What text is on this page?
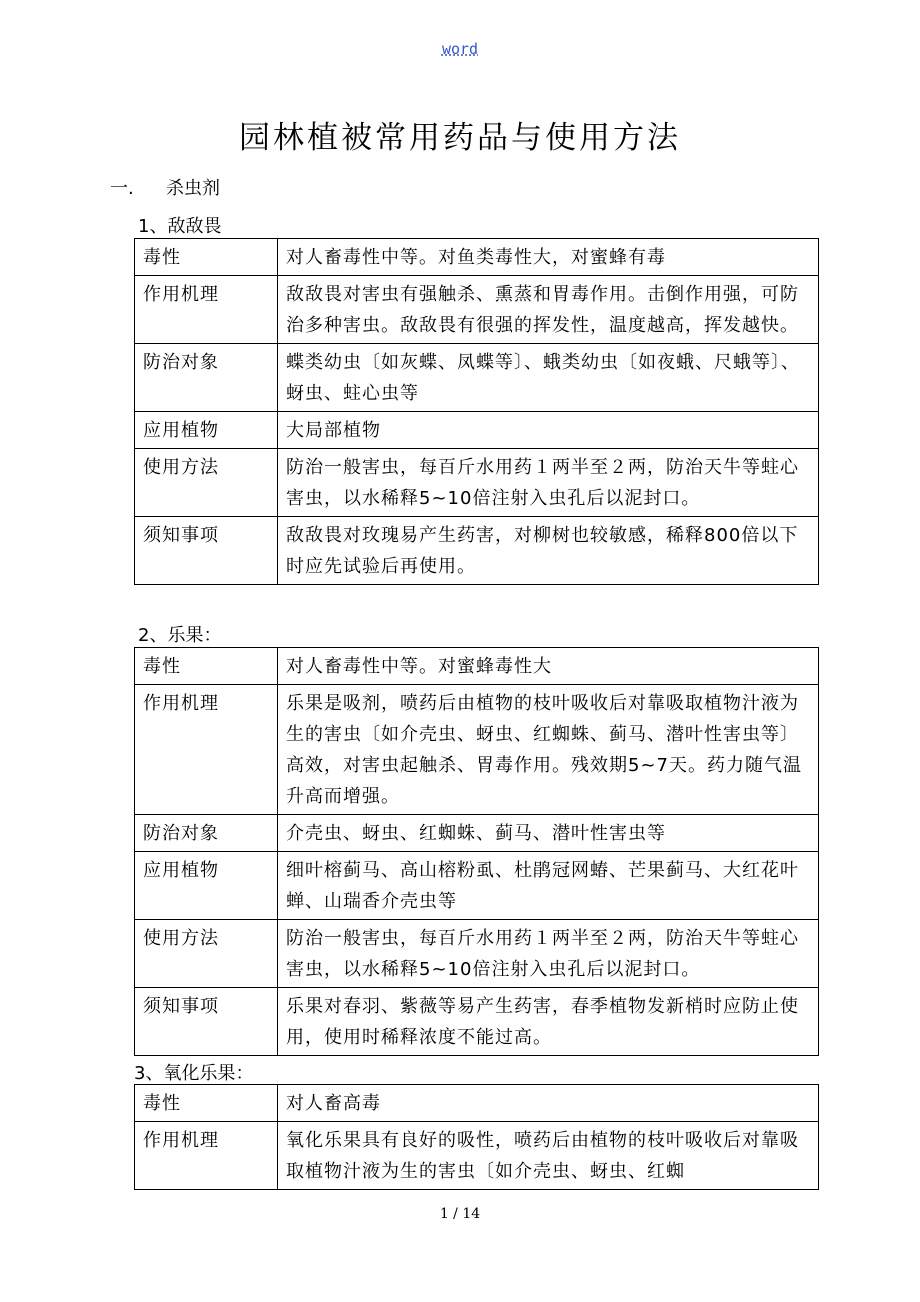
word
园林植被常用药品与使用方法
一. 杀虫剂
1、敌敌畏
毒性	对人畜毒性中等。对鱼类毒性大，对蜜蜂有毒
作用机理	敌敌畏对害虫有强触杀、熏蒸和胃毒作用。击倒作用强，可防治多种害虫。敌敌畏有很强的挥发性，温度越高，挥发越快。
防治对象	蝶类幼虫〔如灰蝶、凤蝶等〕、蛾类幼虫〔如夜蛾、尺蛾等〕、蚜虫、蛀心虫等
应用植物	大局部植物
使用方法	防治一般害虫，每百斤水用药１两半至２两，防治天牛等蛀心害虫，以水稀释5~10倍注射入虫孔后以泥封口。
须知事项	敌敌畏对玫瑰易产生药害，对柳树也较敏感，稀释800倍以下时应先试验后再使用。
2、乐果：
毒性	对人畜毒性中等。对蜜蜂毒性大
作用机理	乐果是吸剂，喷药后由植物的枝叶吸收后对靠吸取植物汁液为生的害虫〔如介壳虫、蚜虫、红蜘蛛、蓟马、潜叶性害虫等〕高效，对害虫起触杀、胃毒作用。残效期5~7天。药力随气温升高而增强。
防治对象	介壳虫、蚜虫、红蜘蛛、蓟马、潜叶性害虫等
应用植物	细叶榕蓟马、高山榕粉虱、杜鹃冠网蝽、芒果蓟马、大红花叶蝉、山瑞香介壳虫等
使用方法	防治一般害虫，每百斤水用药１两半至２两，防治天牛等蛀心害虫，以水稀释5~10倍注射入虫孔后以泥封口。
须知事项	乐果对春羽、紫薇等易产生药害，春季植物发新梢时应防止使用，使用时稀释浓度不能过高。
3、氧化乐果：
毒性	对人畜高毒
作用机理	氧化乐果具有良好的吸性，喷药后由植物的枝叶吸收后对靠吸取植物汁液为生的害虫〔如介壳虫、蚜虫、红蜘
1 / 14
